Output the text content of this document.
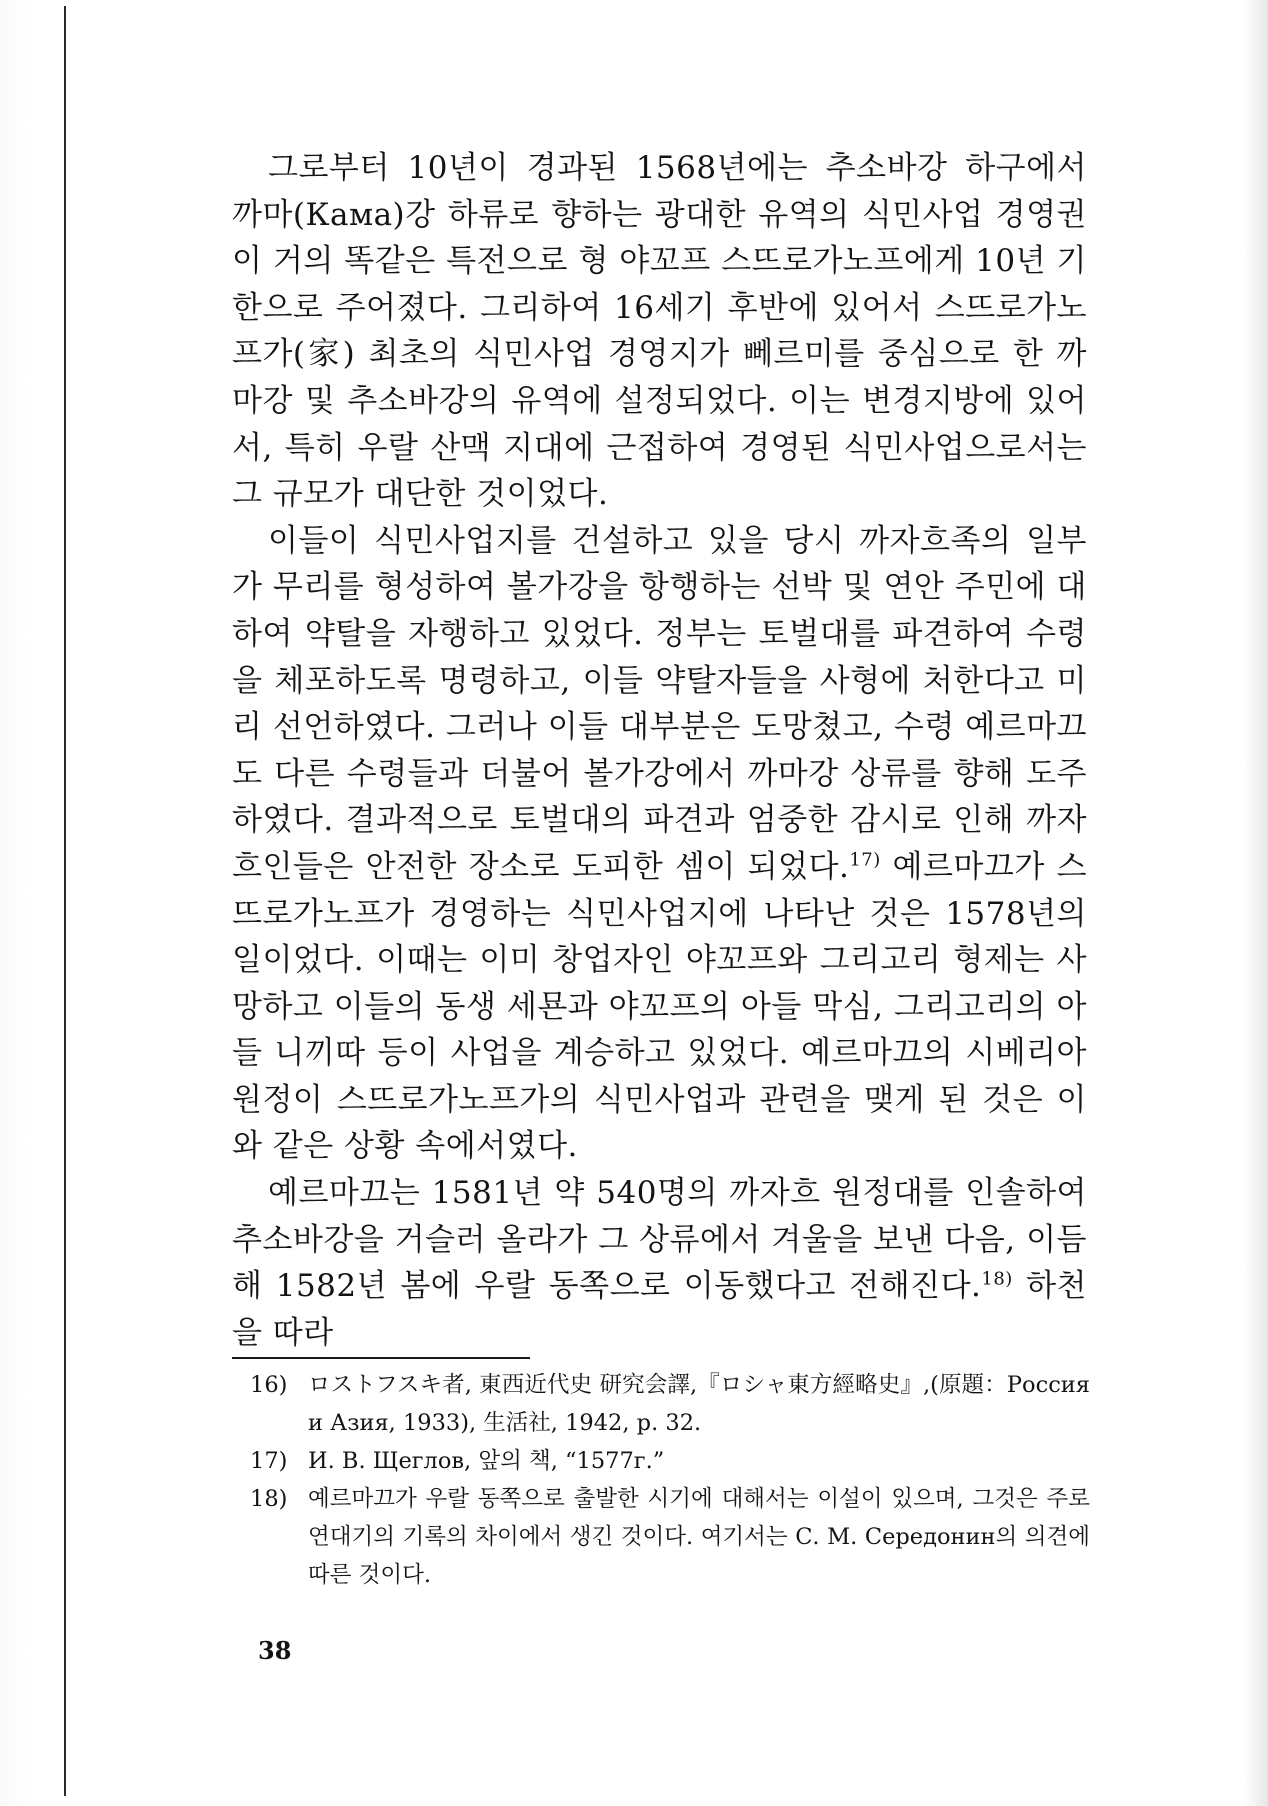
그로부터 10년이 경과된 1568년에는 추소바강 하구에서 까마(Кама)강 하류로 향하는 광대한 유역의 식민사업 경영권이 거의 똑같은 특전으로 형 야꼬프 스뜨로가노프에게 10년 기한으로 주어졌다. 그리하여 16세기 후반에 있어서 스뜨로가노프가(家) 최초의 식민사업 경영지가 뻬르미를 중심으로 한 까마강 및 추소바강의 유역에 설정되었다. 이는 변경지방에 있어서, 특히 우랄 산맥 지대에 근접하여 경영된 식민사업으로서는 그 규모가 대단한 것이었다.

이들이 식민사업지를 건설하고 있을 당시 까자흐족의 일부가 무리를 형성하여 볼가강을 항행하는 선박 및 연안 주민에 대하여 약탈을 자행하고 있었다. 정부는 토벌대를 파견하여 수령을 체포하도록 명령하고, 이들 약탈자들을 사형에 처한다고 미리 선언하였다. 그러나 이들 대부분은 도망쳤고, 수령 예르마끄도 다른 수령들과 더불어 볼가강에서 까마강 상류를 향해 도주하였다. 결과적으로 토벌대의 파견과 엄중한 감시로 인해 까자흐인들은 안전한 장소로 도피한 셈이 되었다.$^{17)}$ 예르마끄가 스뜨로가노프가 경영하는 식민사업지에 나타난 것은 1578년의 일이었다. 이때는 이미 창업자인 야꼬프와 그리고리 형제는 사망하고 이들의 동생 세묜과 야꼬프의 아들 막심, 그리고리의 아들 니끼따 등이 사업을 계승하고 있었다. 예르마끄의 시베리아 원정이 스뜨로가노프가의 식민사업과 관련을 맺게 된 것은 이와 같은 상황 속에서였다.

예르마끄는 1581년 약 540명의 까자흐 원정대를 인솔하여 추소바강을 거슬러 올라가 그 상류에서 겨울을 보낸 다음, 이듬해 1582년 봄에 우랄 동쪽으로 이동했다고 전해진다.$^{18)}$ 하천을 따라

16) ロストフスキ者, 東西近代史 研究会譯,『ロシャ東方經略史』,(原題：Россия и Азия, 1933), 生活社, 1942, p. 32.

17) И. В. Щеглов, 앞의 책, “1577г.”

18) 예르마끄가 우랄 동쪽으로 출발한 시기에 대해서는 이설이 있으며, 그것은 주로 연대기의 기록의 차이에서 생긴 것이다. 여기서는 С. М. Середонин의 의견에 따른 것이다.

38
